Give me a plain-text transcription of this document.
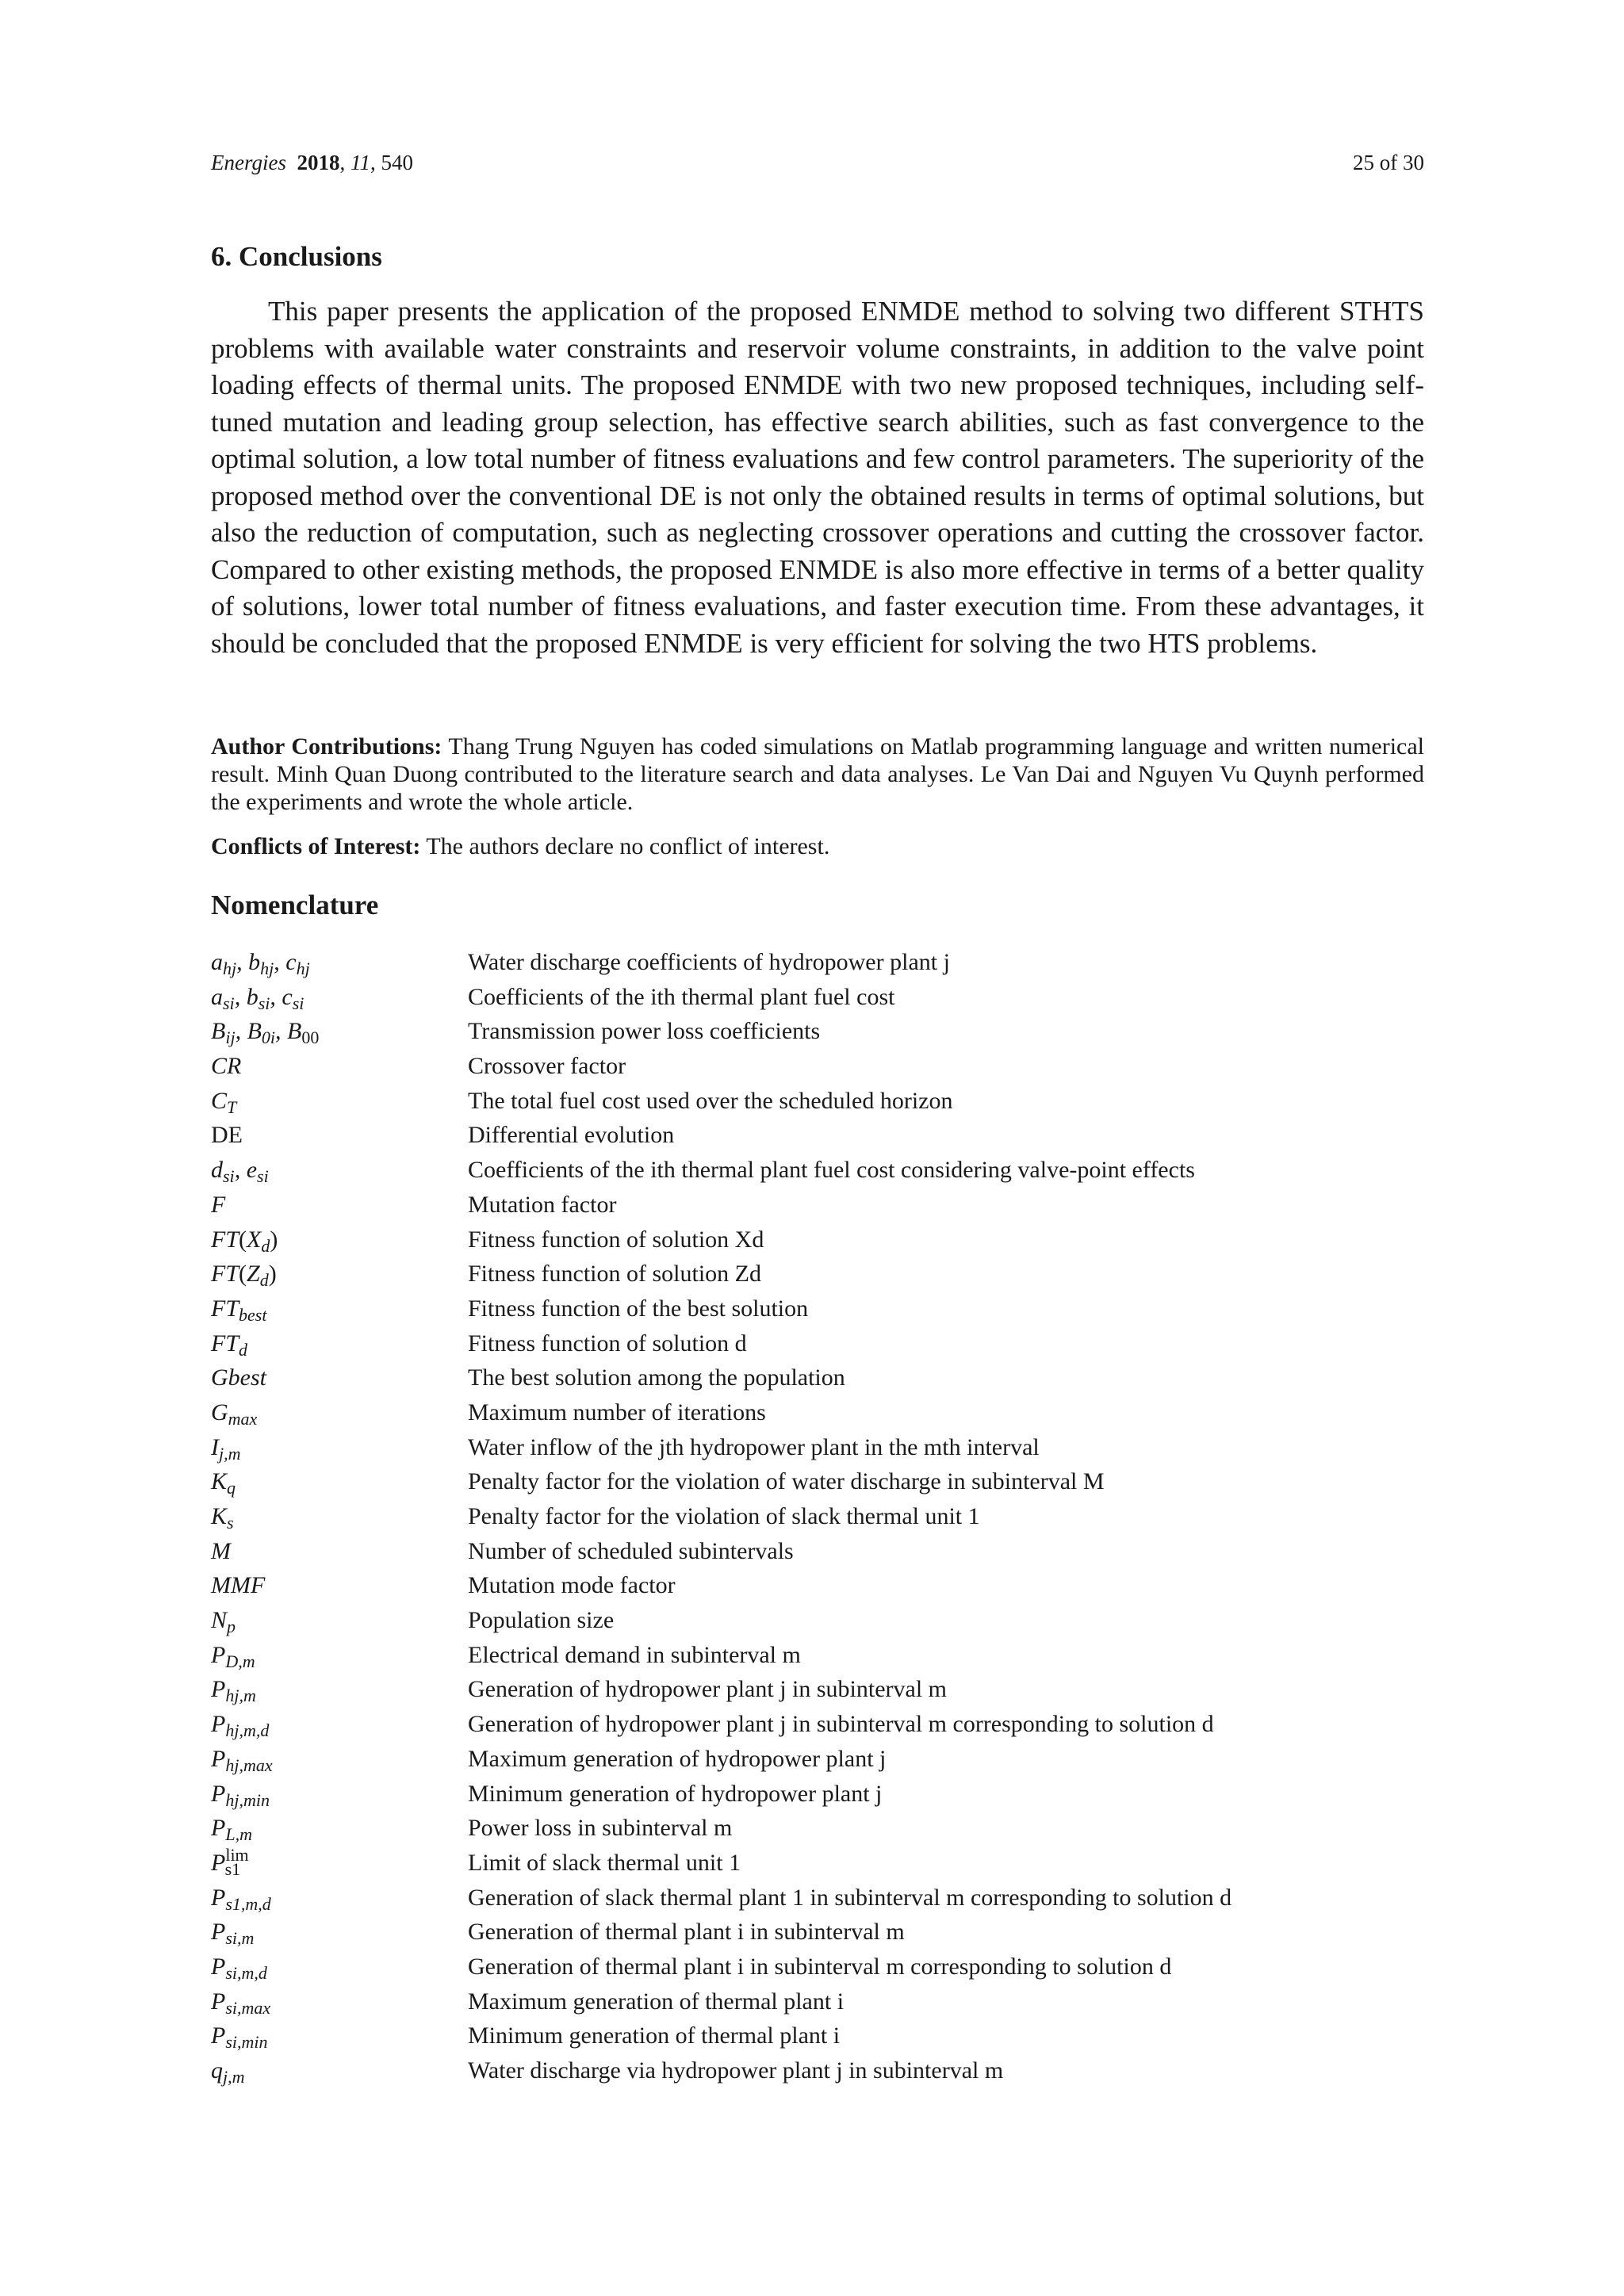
Energies 2018, 11, 540	25 of 30
6. Conclusions

This paper presents the application of the proposed ENMDE method to solving two different STHTS problems with available water constraints and reservoir volume constraints, in addition to the valve point loading effects of thermal units. The proposed ENMDE with two new proposed techniques, including self-tuned mutation and leading group selection, has effective search abilities, such as fast convergence to the optimal solution, a low total number of fitness evaluations and few control parameters. The superiority of the proposed method over the conventional DE is not only the obtained results in terms of optimal solutions, but also the reduction of computation, such as neglecting crossover operations and cutting the crossover factor. Compared to other existing methods, the proposed ENMDE is also more effective in terms of a better quality of solutions, lower total number of fitness evaluations, and faster execution time. From these advantages, it should be concluded that the proposed ENMDE is very efficient for solving the two HTS problems.

Author Contributions: Thang Trung Nguyen has coded simulations on Matlab programming language and written numerical result. Minh Quan Duong contributed to the literature search and data analyses. Le Van Dai and Nguyen Vu Quynh performed the experiments and wrote the whole article.

Conflicts of Interest: The authors declare no conflict of interest.

Nomenclature
$a_{hj}$, $b_{hj}$, $c_{hj}$	Water discharge coefficients of hydropower plant j
$a_{si}$, $b_{si}$, $c_{si}$	Coefficients of the ith thermal plant fuel cost
$B_{ij}$, $B_{0i}$, $B_{00}$	Transmission power loss coefficients
CR	Crossover factor
$C_T$	The total fuel cost used over the scheduled horizon
DE	Differential evolution
$d_{si}$, $e_{si}$	Coefficients of the ith thermal plant fuel cost considering valve-point effects
F	Mutation factor
$FT(X_d)$	Fitness function of solution Xd
$FT(Z_d)$	Fitness function of solution Zd
$FT_{best}$	Fitness function of the best solution
$FT_d$	Fitness function of solution d
Gbest	The best solution among the population
$G_{max}$	Maximum number of iterations
$I_{j,m}$	Water inflow of the jth hydropower plant in the mth interval
$K_q$	Penalty factor for the violation of water discharge in subinterval M
$K_s$	Penalty factor for the violation of slack thermal unit 1
M	Number of scheduled subintervals
MMF	Mutation mode factor
$N_p$	Population size
$P_{D,m}$	Electrical demand in subinterval m
$P_{hj,m}$	Generation of hydropower plant j in subinterval m
$P_{hj,m,d}$	Generation of hydropower plant j in subinterval m corresponding to solution d
$P_{hj,max}$	Maximum generation of hydropower plant j
$P_{hj,min}$	Minimum generation of hydropower plant j
$P_{L,m}$	Power loss in subinterval m
$P^{lim}_{s1}$	Limit of slack thermal unit 1
$P_{s1,m,d}$	Generation of slack thermal plant 1 in subinterval m corresponding to solution d
$P_{si,m}$	Generation of thermal plant i in subinterval m
$P_{si,m,d}$	Generation of thermal plant i in subinterval m corresponding to solution d
$P_{si,max}$	Maximum generation of thermal plant i
$P_{si,min}$	Minimum generation of thermal plant i
$q_{j,m}$	Water discharge via hydropower plant j in subinterval m
